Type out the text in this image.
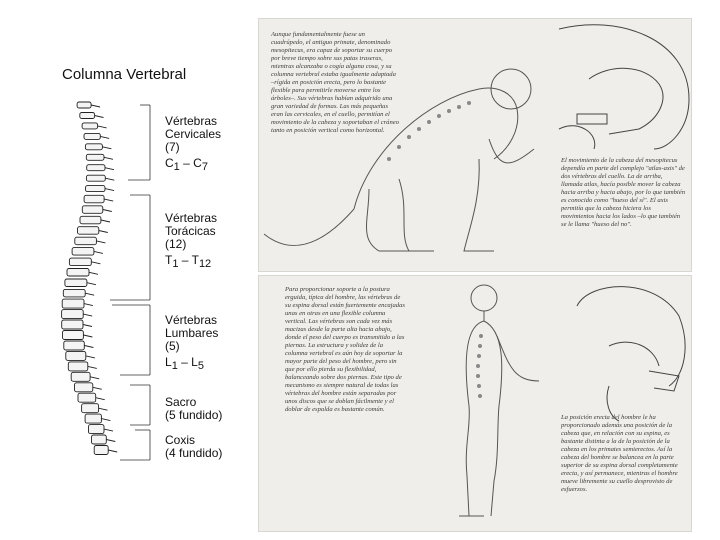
Columna Vertebral
Vértebras
Cervicales
(7)
$C_1 - C_7$
Vértebras
Torácicas
(12)
$T_1 - T_{12}$
Vértebras
Lumbares
(5)
$L_1 - L_5$
Sacro
(5 fundido)
Coxis
(4 fundido)
Aunque fundamentalmente fuese un cuadrúpedo, el antiguo primate, denominado mesopitecus, era capaz de soportar su cuerpo por breve tiempo sobre sus patas traseras, mientras alcanzaba o cogía alguna cosa, y su columna vertebral estaba igualmente adaptada –rígida en posición erecta, pero lo bastante flexible para permitirle moverse entre los árboles–. Sus vértebras habían adquirido una gran variedad de formas. Las más pequeñas eran las cervicales, en el cuello, permitían el movimiento de la cabeza y soportaban el cráneo tanto en posición vertical como horizontal.
El movimiento de la cabeza del mesopitecus dependía en parte del complejo "atlas-axis" de dos vértebras del cuello. La de arriba, llamada atlas, hacía posible mover la cabeza hacia arriba y hacia abajo, por lo que también es conocido como "hueso del sí". El axis permitía que la cabeza hiciera los movimientos hacia los lados –lo que también se le llama "hueso del no".
Para proporcionar soporte a la postura erguida, típica del hombre, las vértebras de su espina dorsal están fuertemente encajadas unas en otras en una flexible columna vertical. Las vértebras son cada vez más macizas desde la parte alta hacia abajo, donde el peso del cuerpo es transmitido a las piernas. La estructura y solidez de la columna vertebral es aún hoy de soportar la mayor parte del peso del hombre, pero sin que por ello pierda su flexibilidad, balanceando sobre dos piernas. Este tipo de mecanismo es siempre natural de todas las vértebras del hombre están separadas por unos discos que se doblan fácilmente y el doblar de espalda es bastante común.
La posición erecta del hombre le ha proporcionado además una posición de la cabeza que, en relación con su espina, es bastante distinta a la de la posición de la cabeza en los primates semierectos. Así la cabeza del hombre se balancea en la parte superior de su espina dorsal completamente erecta, y así permanece, mientras el hombre mueve libremente su cuello desprovisto de esfuerzos.
